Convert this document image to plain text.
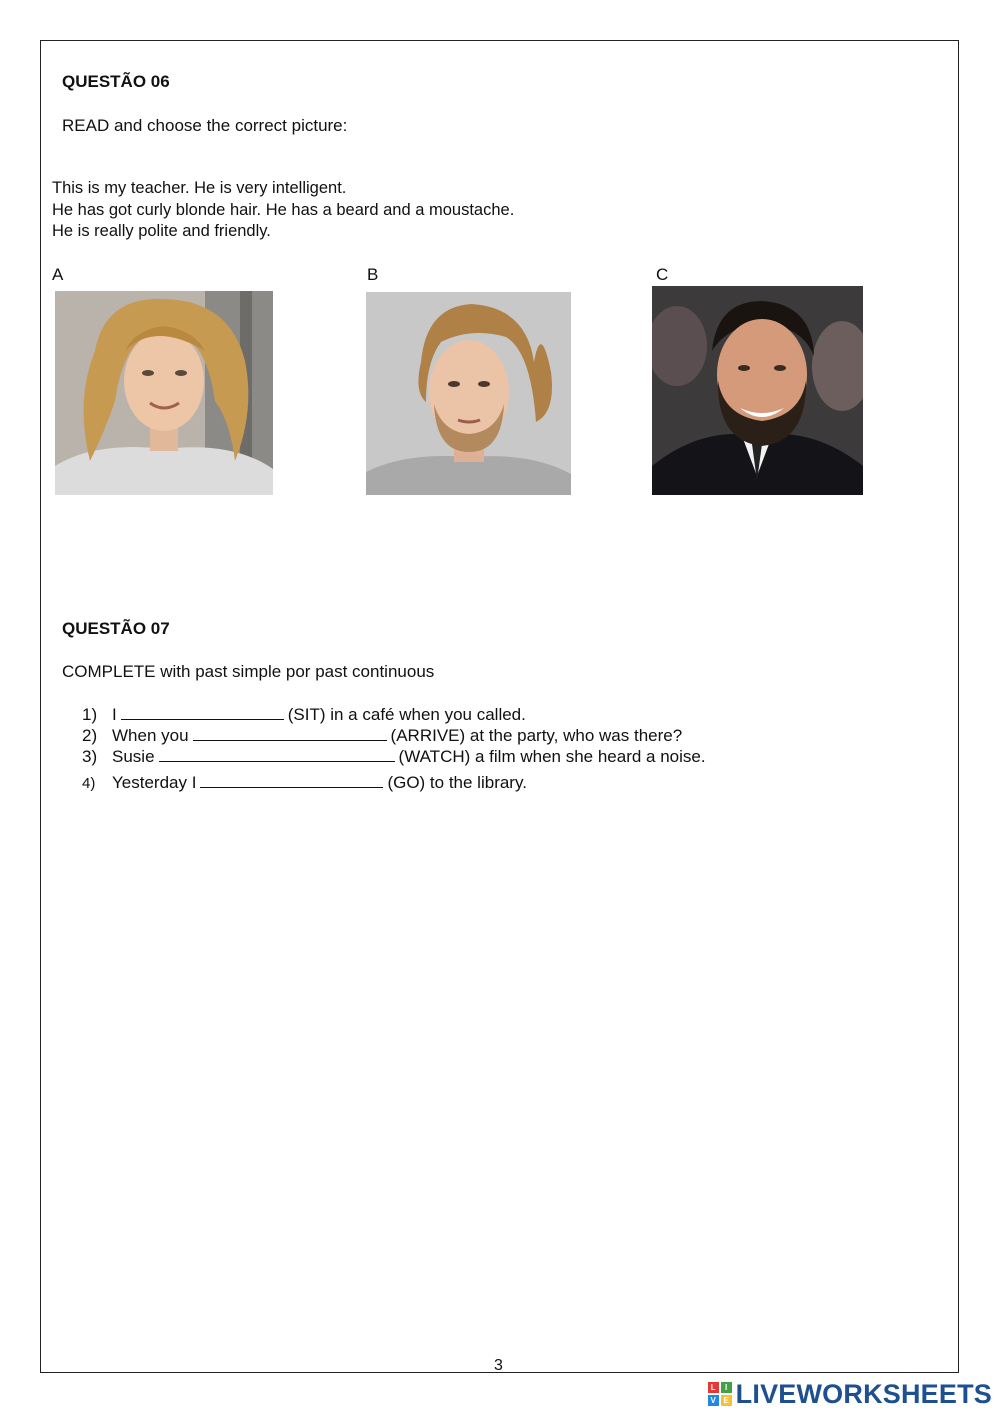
QUESTÃO 06
READ and choose the correct picture:
This is my teacher. He is very intelligent.
He has got curly blonde hair. He has a beard and a moustache.
He is really polite and friendly.
A	B	C
QUESTÃO 07
COMPLETE with past simple por past continuous
1) I	(SIT) in a café when you called.
2) When you	(ARRIVE) at the party, who was there?
3) Susie	(WATCH) a film when she heard a noise.
4) Yesterday I	(GO) to the library.
3
L	I
V E LIVEWORKSHEETS
